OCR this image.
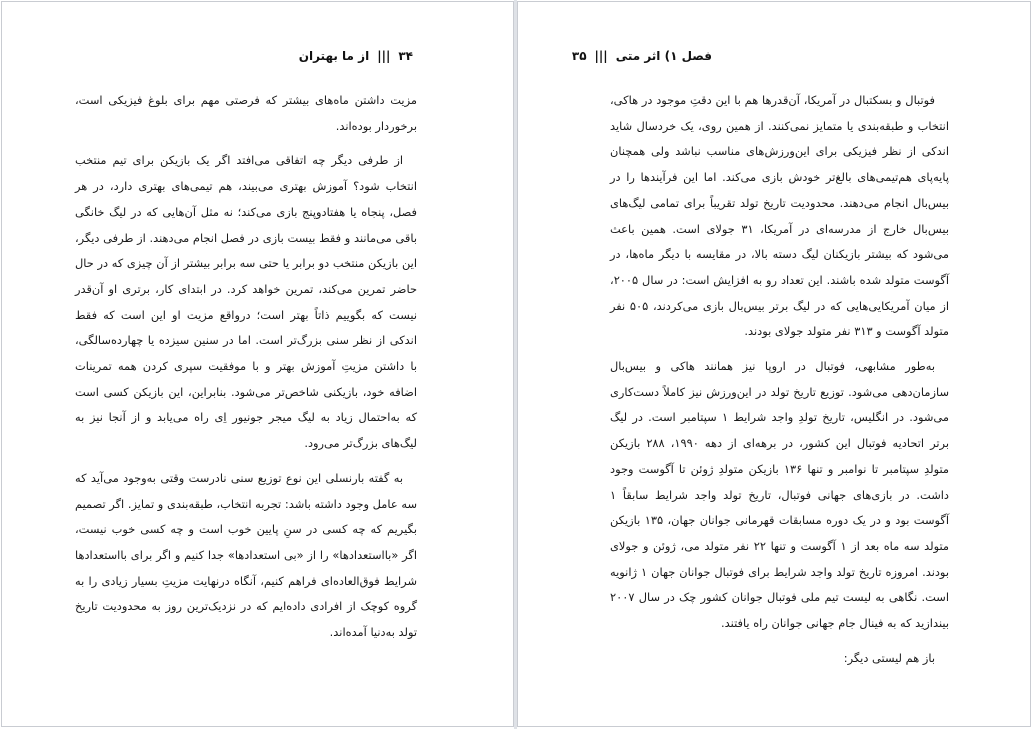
۳۴|||از ما بهتران

مزیت داشتن ماه‌های بیشتر که فرصتی مهم برای بلوغ فیزیکی است، برخوردار بوده‌اند.

از طرفی دیگر چه اتفاقی می‌افتد اگر یک بازیکن برای تیم منتخب انتخاب شود؟ آموزش بهتری می‌بیند، هم تیمی‌های بهتری دارد، در هر فصل، پنجاه یا هفتادوپنج بازی می‌کند؛ نه مثل آن‌هایی که در لیگ خانگی باقی می‌مانند و فقط بیست بازی در فصل انجام می‌دهند. از طرفی دیگر، این بازیکن منتخب دو برابر یا حتی سه برابر بیشتر از آن چیزی که در حال حاضر تمرین می‌کند، تمرین خواهد کرد. در ابتدای کار، برتری او آن‌قدر نیست که بگوییم ذاتاً بهتر است؛ درواقع مزیت او این است که فقط اندکی از نظر سنی بزرگ‌تر است. اما در سنین سیزده یا چهارده‌سالگی، با داشتن مزیتِ آموزش بهتر و با موفقیت سپری کردن همه تمرینات اضافه خود، بازیکنی شاخص‌تر می‌شود. بنابراین، این بازیکن کسی است که به‌احتمال زیاد به لیگ میجر جونیور اِی راه می‌یابد و از آنجا نیز به لیگ‌های بزرگ‌تر می‌رود.

به گفته بارنسلی این نوع توزیع سنی نادرست وقتی به‌وجود می‌آید که سه عامل وجود داشته باشد: تجربه انتخاب، طبقه‌بندی و تمایز. اگر تصمیم بگیریم که چه کسی در سنِ پایین خوب است و چه کسی خوب نیست، اگر «بااستعدادها» را از «بی استعدادها» جدا کنیم و اگر برای بااستعدادها شرایط فوق‌العاده‌ای فراهم کنیم، آنگاه درنهایت مزیتِ بسیار زیادی را به گروه کوچک از افرادی داده‌ایم که در نزدیک‌ترین روز به محدودیت تاریخ تولد به‌دنیا آمده‌اند.

فصل ۱) اثر متی|||۳۵

فوتبال و بسکتبال در آمریکا، آن‌قدرها هم با این دقتِ موجود در هاکی، انتخاب و طبقه‌بندی یا متمایز نمی‌کنند. از همین روی، یک خردسال شاید اندکی از نظر فیزیکی برای این‌ورزش‌های مناسب نباشد ولی همچنان پایه‌پای هم‌تیمی‌های بالغ‌تر خودش بازی می‌کند. اما این فرآیندها را در بیس‌بال انجام می‌دهند. محدودیت تاریخ تولد تقریباً برای تمامی لیگ‌های بیس‌بال خارج از مدرسه‌ای در آمریکا، ۳۱ جولای است. همین باعث می‌شود که بیشتر بازیکنان لیگ دسته بالا، در مقایسه با دیگر ماه‌ها، در آگوست متولد شده باشند. این تعداد رو به افزایش است: در سال ۲۰۰۵، از میان آمریکایی‌هایی که در لیگ برتر بیس‌بال بازی می‌کردند، ۵۰۵ نفر متولد آگوست و ۳۱۳ نفر متولد جولای بودند.

به‌طور مشابهی، فوتبال در اروپا نیز همانند هاکی و بیس‌بال سازمان‌دهی می‌شود. توزیع تاریخ تولد در این‌ورزش نیز کاملاً دست‌کاری می‌شود. در انگلیس، تاریخ تولدِ واجد شرایط ۱ سپتامبر است. در لیگ برتر اتحادیه فوتبال این کشور، در برهه‌ای از دهه ۱۹۹۰، ۲۸۸ بازیکن متولدِ سپتامبر تا نوامبر و تنها ۱۳۶ بازیکن متولدِ ژوئن تا آگوست وجود داشت. در بازی‌های جهانی فوتبال، تاریخ تولد واجد شرایط سابقاً ۱ آگوست بود و در یک دوره مسابقات قهرمانی جوانان جهان، ۱۳۵ بازیکن متولد سه ماه بعد از ۱ آگوست و تنها ۲۲ نفر متولد می، ژوئن و جولای بودند. امروزه تاریخ تولد واجد شرایط برای فوتبال جوانان جهان ۱ ژانویه است. نگاهی به لیست تیم ملی فوتبال جوانان کشور چک در سال ۲۰۰۷ بیندازید که به فینال جام جهانی جوانان راه یافتند.

باز هم لیستی دیگر:
